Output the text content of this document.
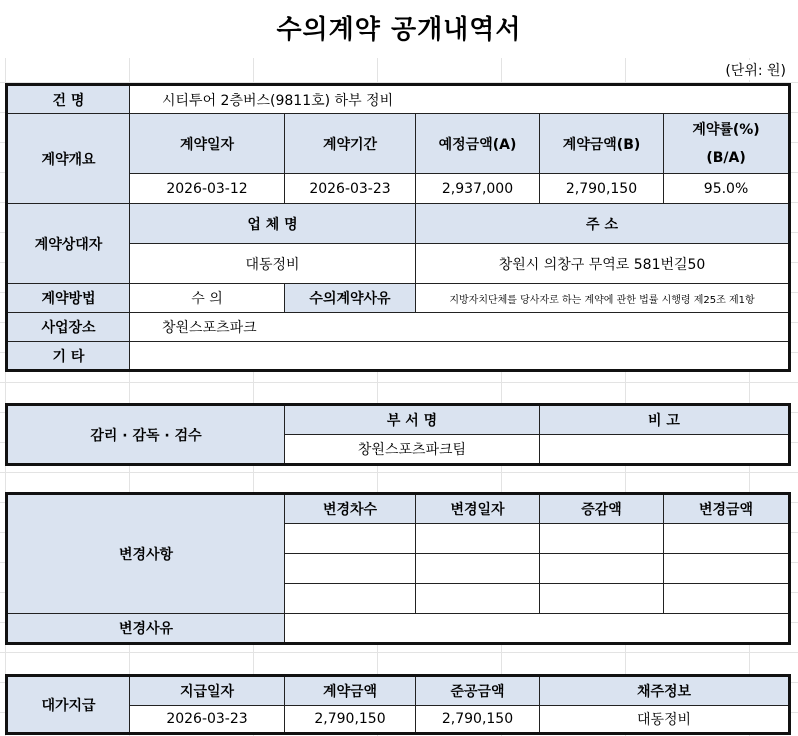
수의계약 공개내역서
(단위: 원)
건 명	시티투어 2층버스(9811호) 하부 정비				
계약개요	계약일자	계약기간	예정금액(A)	계약금액(B)	계약률(%)
(B/A)

	2026-03-12	2026-03-23	2,937,000	2,790,150	95.0%
계약상대자	업 체 명		주 소		
	대동정비		창원시 의창구 무역로 581번길50		
계약방법	수 의	수의계약사유	지방자치단체를 당사자로 하는 계약에 관한 법률 시행령 제25조 제1항		
사업장소	창원스포츠파크				
기 타					
감리 · 감독 · 검수	부 서 명	비 고
	창원스포츠파크팀	
변경사항	변경차수	변경일자	증감액	변경금액

변경사유				
대가지급	지급일자	계약금액	준공금액	채주정보
	2026-03-23	2,790,150	2,790,150	대동정비
